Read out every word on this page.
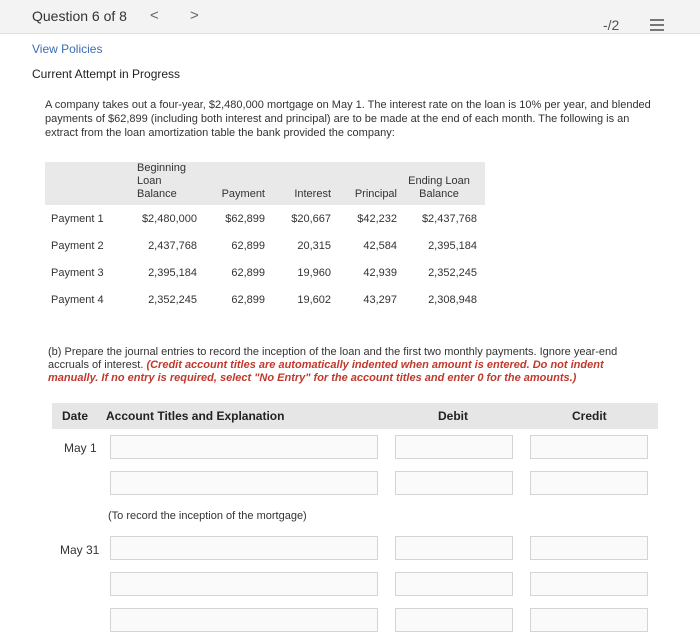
Question 6 of 8 < >
-/2
View Policies
Current Attempt in Progress
A company takes out a four-year, $2,480,000 mortgage on May 1. The interest rate on the loan is 10% per year, and blended payments of $62,899 (including both interest and principal) are to be made at the end of each month. The following is an extract from the loan amortization table the bank provided the company:
	Beginning Loan Balance	Payment	Interest	Principal	Ending Loan Balance
Payment 1	$2,480,000	$62,899	$20,667	$42,232	$2,437,768
Payment 2	2,437,768	62,899	20,315	42,584	2,395,184
Payment 3	2,395,184	62,899	19,960	42,939	2,352,245
Payment 4	2,352,245	62,899	19,602	43,297	2,308,948
(b) Prepare the journal entries to record the inception of the loan and the first two monthly payments. Ignore year-end accruals of interest. (Credit account titles are automatically indented when amount is entered. Do not indent manually. If no entry is required, select "No Entry" for the account titles and enter 0 for the amounts.)
Date Account Titles and Explanation	Debit	Credit
May 1
(To record the inception of the mortgage)
May 31
